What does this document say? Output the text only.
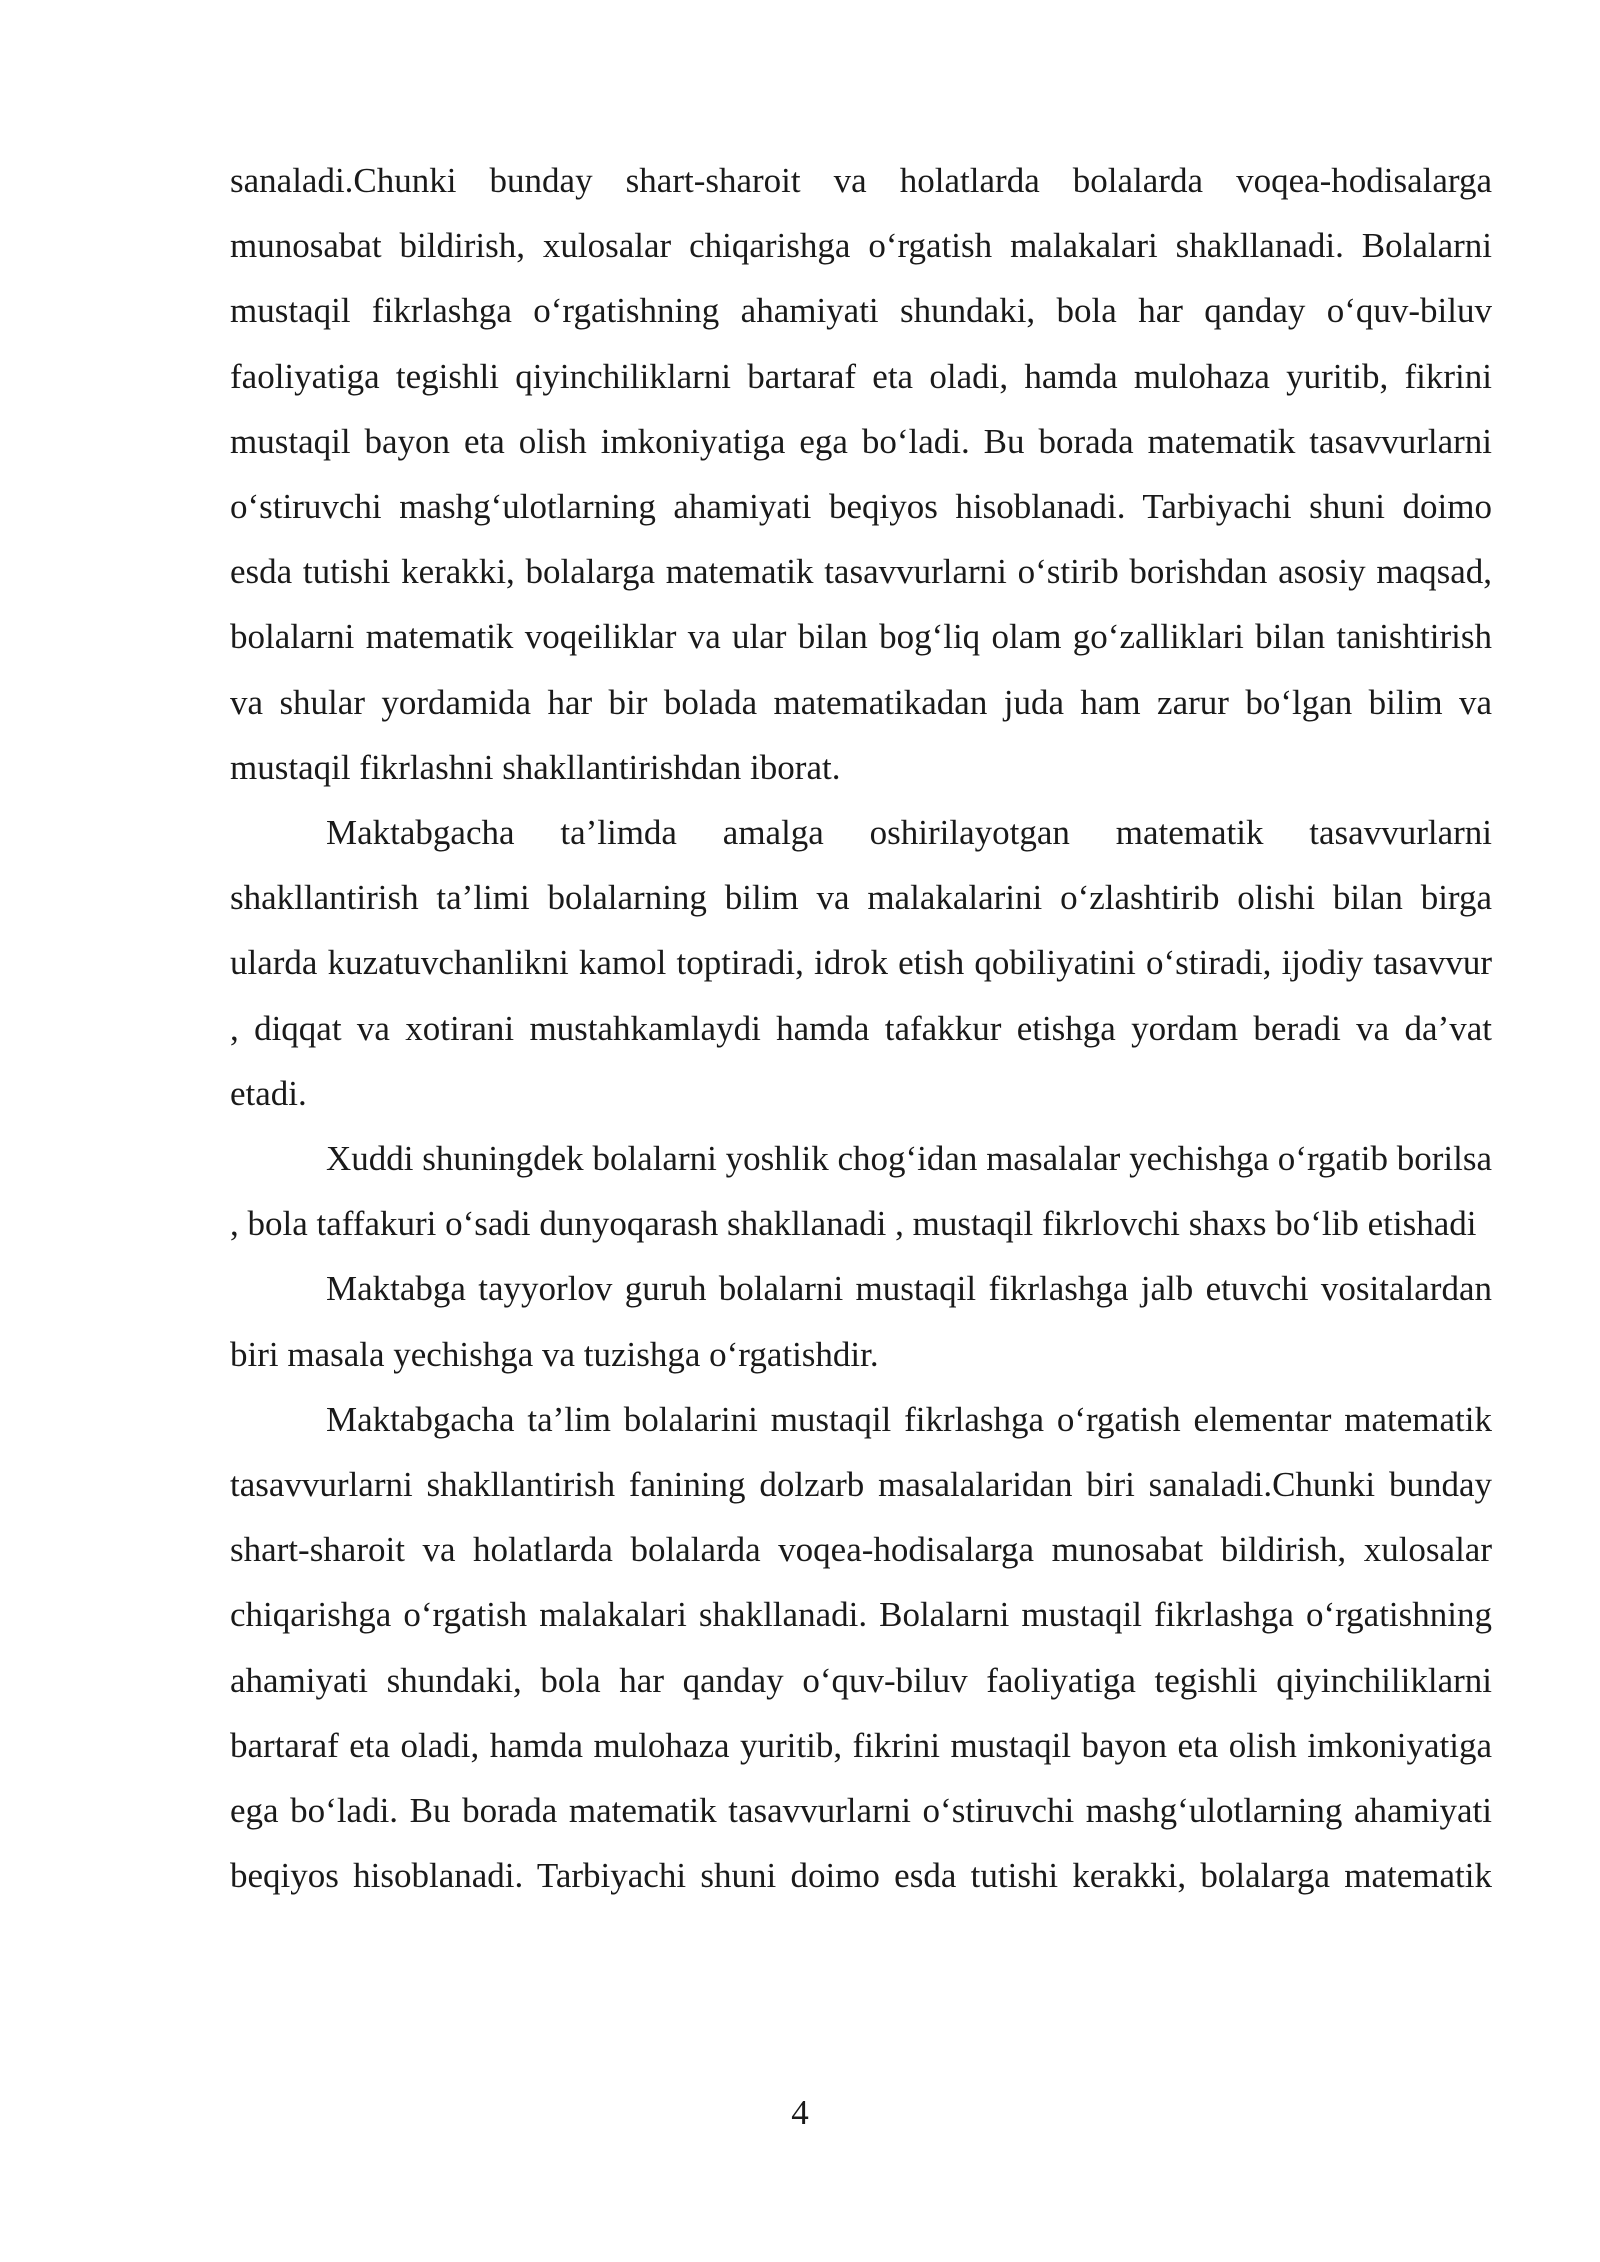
sanaladi.Chunki bunday shart-sharoit va holatlarda bolalarda voqea-hodisalarga munosabat bildirish, xulosalar chiqarishga o‘rgatish malakalari shakllanadi. Bolalarni mustaqil fikrlashga o‘rgatishning ahamiyati shundaki, bola har qanday o‘quv-biluv faoliyatiga tegishli qiyinchiliklarni bartaraf eta oladi, hamda mulohaza yuritib, fikrini mustaqil bayon eta olish imkoniyatiga ega bo‘ladi. Bu borada matematik tasavvurlarni o‘stiruvchi mashg‘ulotlarning ahamiyati beqiyos hisoblanadi. Tarbiyachi shuni doimo esda tutishi kerakki, bolalarga matematik tasavvurlarni o‘stirib borishdan asosiy maqsad, bolalarni matematik voqeiliklar va ular bilan bog‘liq olam go‘zalliklari bilan tanishtirish va shular yordamida har bir bolada matematikadan juda ham zarur bo‘lgan bilim va mustaqil fikrlashni shakllantirishdan iborat.

Maktabgacha ta’limda amalga oshirilayotgan matematik tasavvurlarni shakllantirish ta’limi bolalarning bilim va malakalarini o‘zlashtirib olishi bilan birga ularda kuzatuvchanlikni kamol toptiradi, idrok etish qobiliyatini o‘stiradi, ijodiy tasavvur , diqqat va xotirani mustahkamlaydi hamda tafakkur etishga yordam beradi va da’vat etadi.

Xuddi shuningdek bolalarni yoshlik chog‘idan masalalar yechishga o‘rgatib borilsa , bola taffakuri o‘sadi dunyoqarash shakllanadi , mustaqil fikrlovchi shaxs bo‘lib etishadi

Maktabga tayyorlov guruh bolalarni mustaqil fikrlashga jalb etuvchi vositalardan biri masala yechishga va tuzishga o‘rgatishdir.

Maktabgacha ta’lim bolalarini mustaqil fikrlashga o‘rgatish elementar matematik tasavvurlarni shakllantirish fanining dolzarb masalalaridan biri sanaladi.Chunki bunday shart-sharoit va holatlarda bolalarda voqea-hodisalarga munosabat bildirish, xulosalar chiqarishga o‘rgatish malakalari shakllanadi. Bolalarni mustaqil fikrlashga o‘rgatishning ahamiyati shundaki, bola har qanday o‘quv-biluv faoliyatiga tegishli qiyinchiliklarni bartaraf eta oladi, hamda mulohaza yuritib, fikrini mustaqil bayon eta olish imkoniyatiga ega bo‘ladi. Bu borada matematik tasavvurlarni o‘stiruvchi mashg‘ulotlarning ahamiyati beqiyos hisoblanadi. Tarbiyachi shuni doimo esda tutishi kerakki, bolalarga matematik

4
